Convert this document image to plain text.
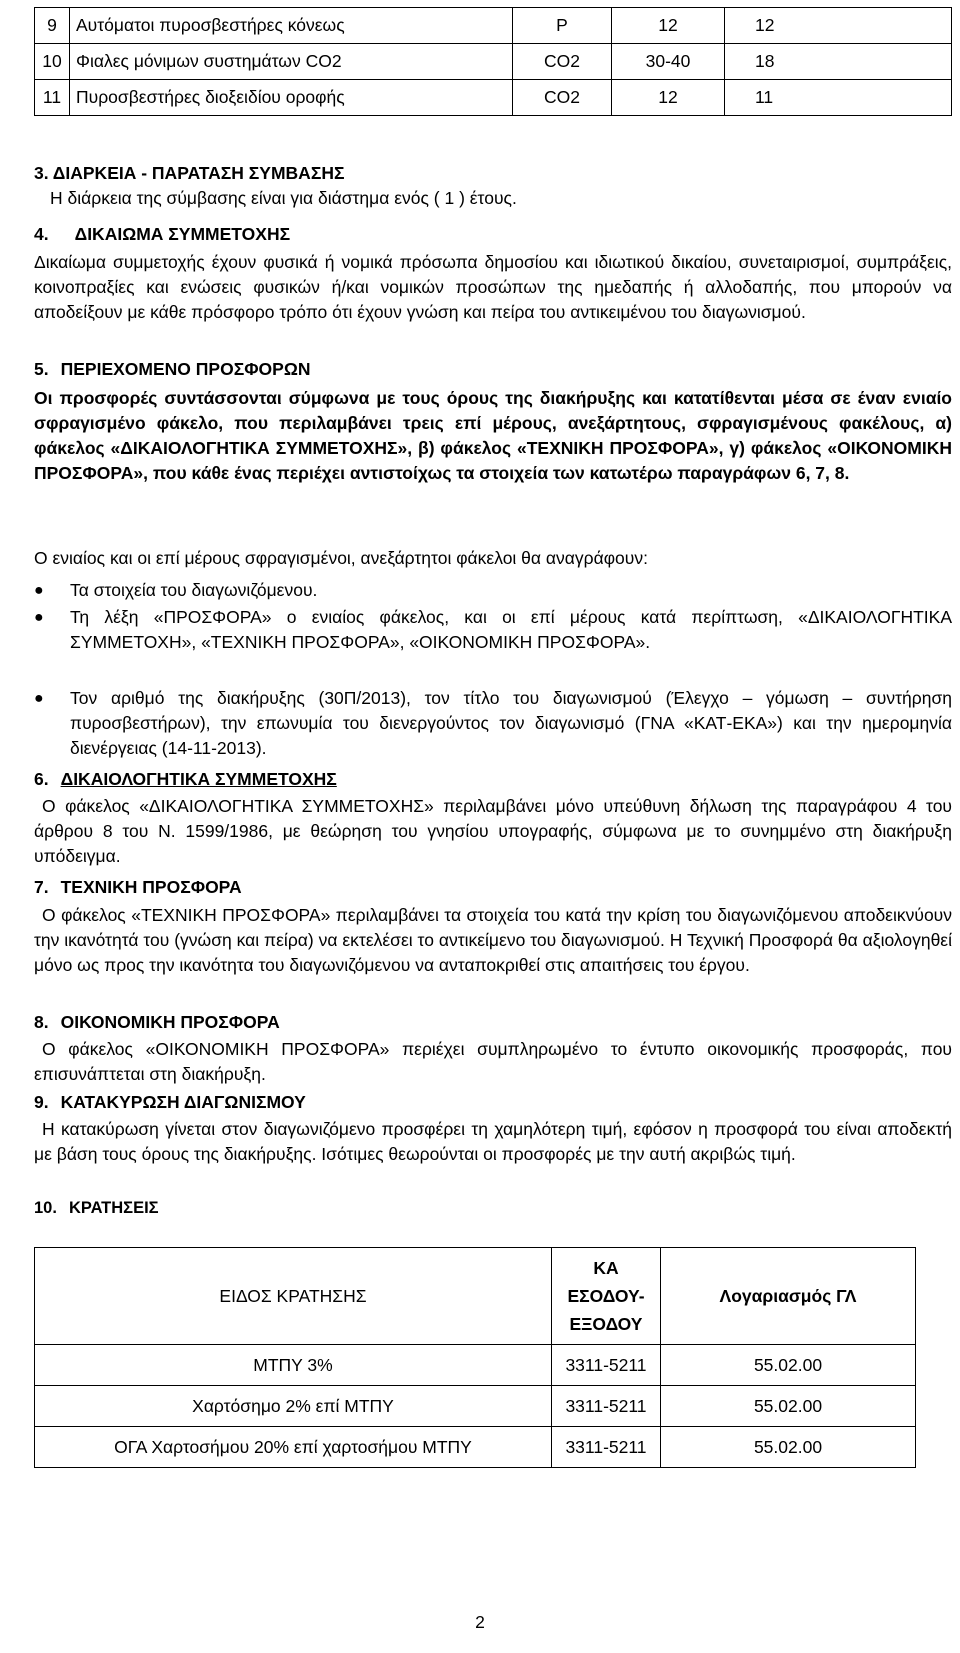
9	Αυτόματοι πυροσβεστήρες κόνεως	Ρ	12	12
10	Φιαλες μόνιμων συστημάτων CO2	CO2	30-40	18
11	Πυροσβεστήρες διοξειδίου οροφής	CO2	12	11
3. ΔΙΑΡΚΕΙΑ - ΠΑΡΑΤΑΣΗ ΣΥΜΒΑΣΗΣ
Η διάρκεια της σύμβασης είναι για διάστημα ενός ( 1 ) έτους.
4. ΔΙΚΑΙΩΜΑ ΣΥΜΜΕΤΟΧΗΣ
Δικαίωμα συμμετοχής έχουν φυσικά ή νομικά πρόσωπα δημοσίου και ιδιωτικού δικαίου, συνεταιρισμοί, συμπράξεις, κοινοπραξίες και ενώσεις φυσικών ή/και νομικών προσώπων της ημεδαπής ή αλλοδαπής, που μπορούν να αποδείξουν με κάθε πρόσφορο τρόπο ότι έχουν γνώση και πείρα του αντικειμένου του διαγωνισμού.
5. ΠΕΡΙΕΧΟΜΕΝΟ ΠΡΟΣΦΟΡΩΝ
Οι προσφορές συντάσσονται σύμφωνα με τους όρους της διακήρυξης και κατατίθενται μέσα σε έναν ενιαίο σφραγισμένο φάκελο, που περιλαμβάνει τρεις επί μέρους, ανεξάρτητους, σφραγισμένους φακέλους, α) φάκελος «ΔΙΚΑΙΟΛΟΓΗΤΙΚΑ ΣΥΜΜΕΤΟΧΗΣ», β) φάκελος «ΤΕΧΝΙΚΗ ΠΡΟΣΦΟΡΑ», γ) φάκελος «ΟΙΚΟΝΟΜΙΚΗ ΠΡΟΣΦΟΡΑ», που κάθε ένας περιέχει αντιστοίχως τα στοιχεία των κατωτέρω παραγράφων 6, 7, 8.
Ο ενιαίος και οι επί μέρους σφραγισμένοι, ανεξάρτητοι φάκελοι θα αναγράφουν:
●	Τα στοιχεία του διαγωνιζόμενου.
●	Τη λέξη «ΠΡΟΣΦΟΡΑ» ο ενιαίος φάκελος, και οι επί μέρους κατά περίπτωση, «ΔΙΚΑΙΟΛΟΓΗΤΙΚΑ ΣΥΜΜΕΤΟΧΗ», «ΤΕΧΝΙΚΗ ΠΡΟΣΦΟΡΑ», «ΟΙΚΟΝΟΜΙΚΗ ΠΡΟΣΦΟΡΑ».
●	Τον αριθμό της διακήρυξης (30Π/2013), τον τίτλο του διαγωνισμού (Έλεγχο – γόμωση – συντήρηση πυροσβεστήρων), την επωνυμία του διενεργούντος τον διαγωνισμό (ΓΝΑ «ΚΑΤ-ΕΚΑ») και την ημερομηνία διενέργειας (14-11-2013).
6. ΔΙΚΑΙΟΛΟΓΗΤΙΚΑ ΣΥΜΜΕΤΟΧΗΣ
Ο φάκελος «ΔΙΚΑΙΟΛΟΓΗΤΙΚΑ ΣΥΜΜΕΤΟΧΗΣ» περιλαμβάνει μόνο υπεύθυνη δήλωση της παραγράφου 4 του άρθρου 8 του Ν. 1599/1986, με θεώρηση του γνησίου υπογραφής, σύμφωνα με το συνημμένο στη διακήρυξη υπόδειγμα.
7. ΤΕΧΝΙΚΗ ΠΡΟΣΦΟΡΑ
Ο φάκελος «ΤΕΧΝΙΚΗ ΠΡΟΣΦΟΡΑ» περιλαμβάνει τα στοιχεία του κατά την κρίση του διαγωνιζόμενου αποδεικνύουν την ικανότητά του (γνώση και πείρα) να εκτελέσει το αντικείμενο του διαγωνισμού. Η Τεχνική Προσφορά θα αξιολογηθεί μόνο ως προς την ικανότητα του διαγωνιζόμενου να ανταποκριθεί στις απαιτήσεις του έργου.
8. ΟΙΚΟΝΟΜΙΚΗ ΠΡΟΣΦΟΡΑ
Ο φάκελος «ΟΙΚΟΝΟΜΙΚΗ ΠΡΟΣΦΟΡΑ» περιέχει συμπληρωμένο το έντυπο οικονομικής προσφοράς, που επισυνάπτεται στη διακήρυξη.
9. ΚΑΤΑΚΥΡΩΣΗ ΔΙΑΓΩΝΙΣΜΟΥ
Η κατακύρωση γίνεται στον διαγωνιζόμενο προσφέρει τη χαμηλότερη τιμή, εφόσον η προσφορά του είναι αποδεκτή με βάση τους όρους της διακήρυξης. Ισότιμες θεωρούνται οι προσφορές με την αυτή ακριβώς τιμή.
10. ΚΡΑΤΗΣΕΙΣ
ΕΙΔΟΣ ΚΡΑΤΗΣΗΣ	ΚΑ ΕΣΟΔΟΥ-ΕΞΟΔΟΥ	Λογαριασμός ΓΛ
ΜΤΠΥ 3%	3311-5211	55.02.00
Χαρτόσημο 2% επί ΜΤΠΥ	3311-5211	55.02.00
ΟΓΑ Χαρτοσήμου 20% επί χαρτοσήμου ΜΤΠΥ	3311-5211	55.02.00
2
